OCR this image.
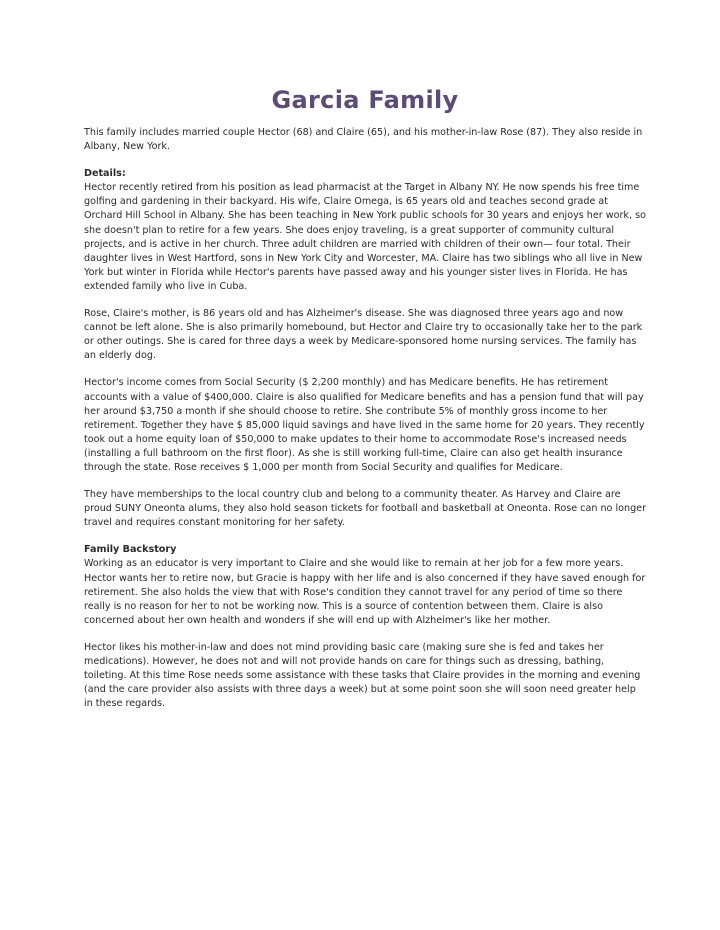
Garcia Family

This family includes married couple Hector (68) and Claire (65), and his mother-in-law Rose (87). They also reside in Albany, New York.

Details:

Hector recently retired from his position as lead pharmacist at the Target in Albany NY. He now spends his free time golfing and gardening in their backyard. His wife, Claire Omega, is 65 years old and teaches second grade at Orchard Hill School in Albany. She has been teaching in New York public schools for 30 years and enjoys her work, so she doesn't plan to retire for a few years. She does enjoy traveling, is a great supporter of community cultural projects, and is active in her church. Three adult children are married with children of their own— four total. Their daughter lives in West Hartford, sons in New York City and Worcester, MA. Claire has two siblings who all live in New York but winter in Florida while Hector's parents have passed away and his younger sister lives in Florida. He has extended family who live in Cuba.

Rose, Claire's mother, is 86 years old and has Alzheimer's disease. She was diagnosed three years ago and now cannot be left alone. She is also primarily homebound, but Hector and Claire try to occasionally take her to the park or other outings. She is cared for three days a week by Medicare-sponsored home nursing services. The family has an elderly dog.

Hector's income comes from Social Security ($ 2,200 monthly) and has Medicare benefits. He has retirement accounts with a value of $400,000. Claire is also qualified for Medicare benefits and has a pension fund that will pay her around $3,750 a month if she should choose to retire. She contribute 5% of monthly gross income to her retirement. Together they have $ 85,000 liquid savings and have lived in the same home for 20 years. They recently took out a home equity loan of $50,000 to make updates to their home to accommodate Rose's increased needs (installing a full bathroom on the first floor). As she is still working full-time, Claire can also get health insurance through the state. Rose receives $ 1,000 per month from Social Security and qualifies for Medicare.

They have memberships to the local country club and belong to a community theater. As Harvey and Claire are proud SUNY Oneonta alums, they also hold season tickets for football and basketball at Oneonta. Rose can no longer travel and requires constant monitoring for her safety.

Family Backstory

Working as an educator is very important to Claire and she would like to remain at her job for a few more years. Hector wants her to retire now, but Gracie is happy with her life and is also concerned if they have saved enough for retirement. She also holds the view that with Rose's condition they cannot travel for any period of time so there really is no reason for her to not be working now. This is a source of contention between them. Claire is also concerned about her own health and wonders if she will end up with Alzheimer's like her mother.

Hector likes his mother-in-law and does not mind providing basic care (making sure she is fed and takes her medications). However, he does not and will not provide hands on care for things such as dressing, bathing, toileting. At this time Rose needs some assistance with these tasks that Claire provides in the morning and evening (and the care provider also assists with three days a week) but at some point soon she will soon need greater help in these regards.
